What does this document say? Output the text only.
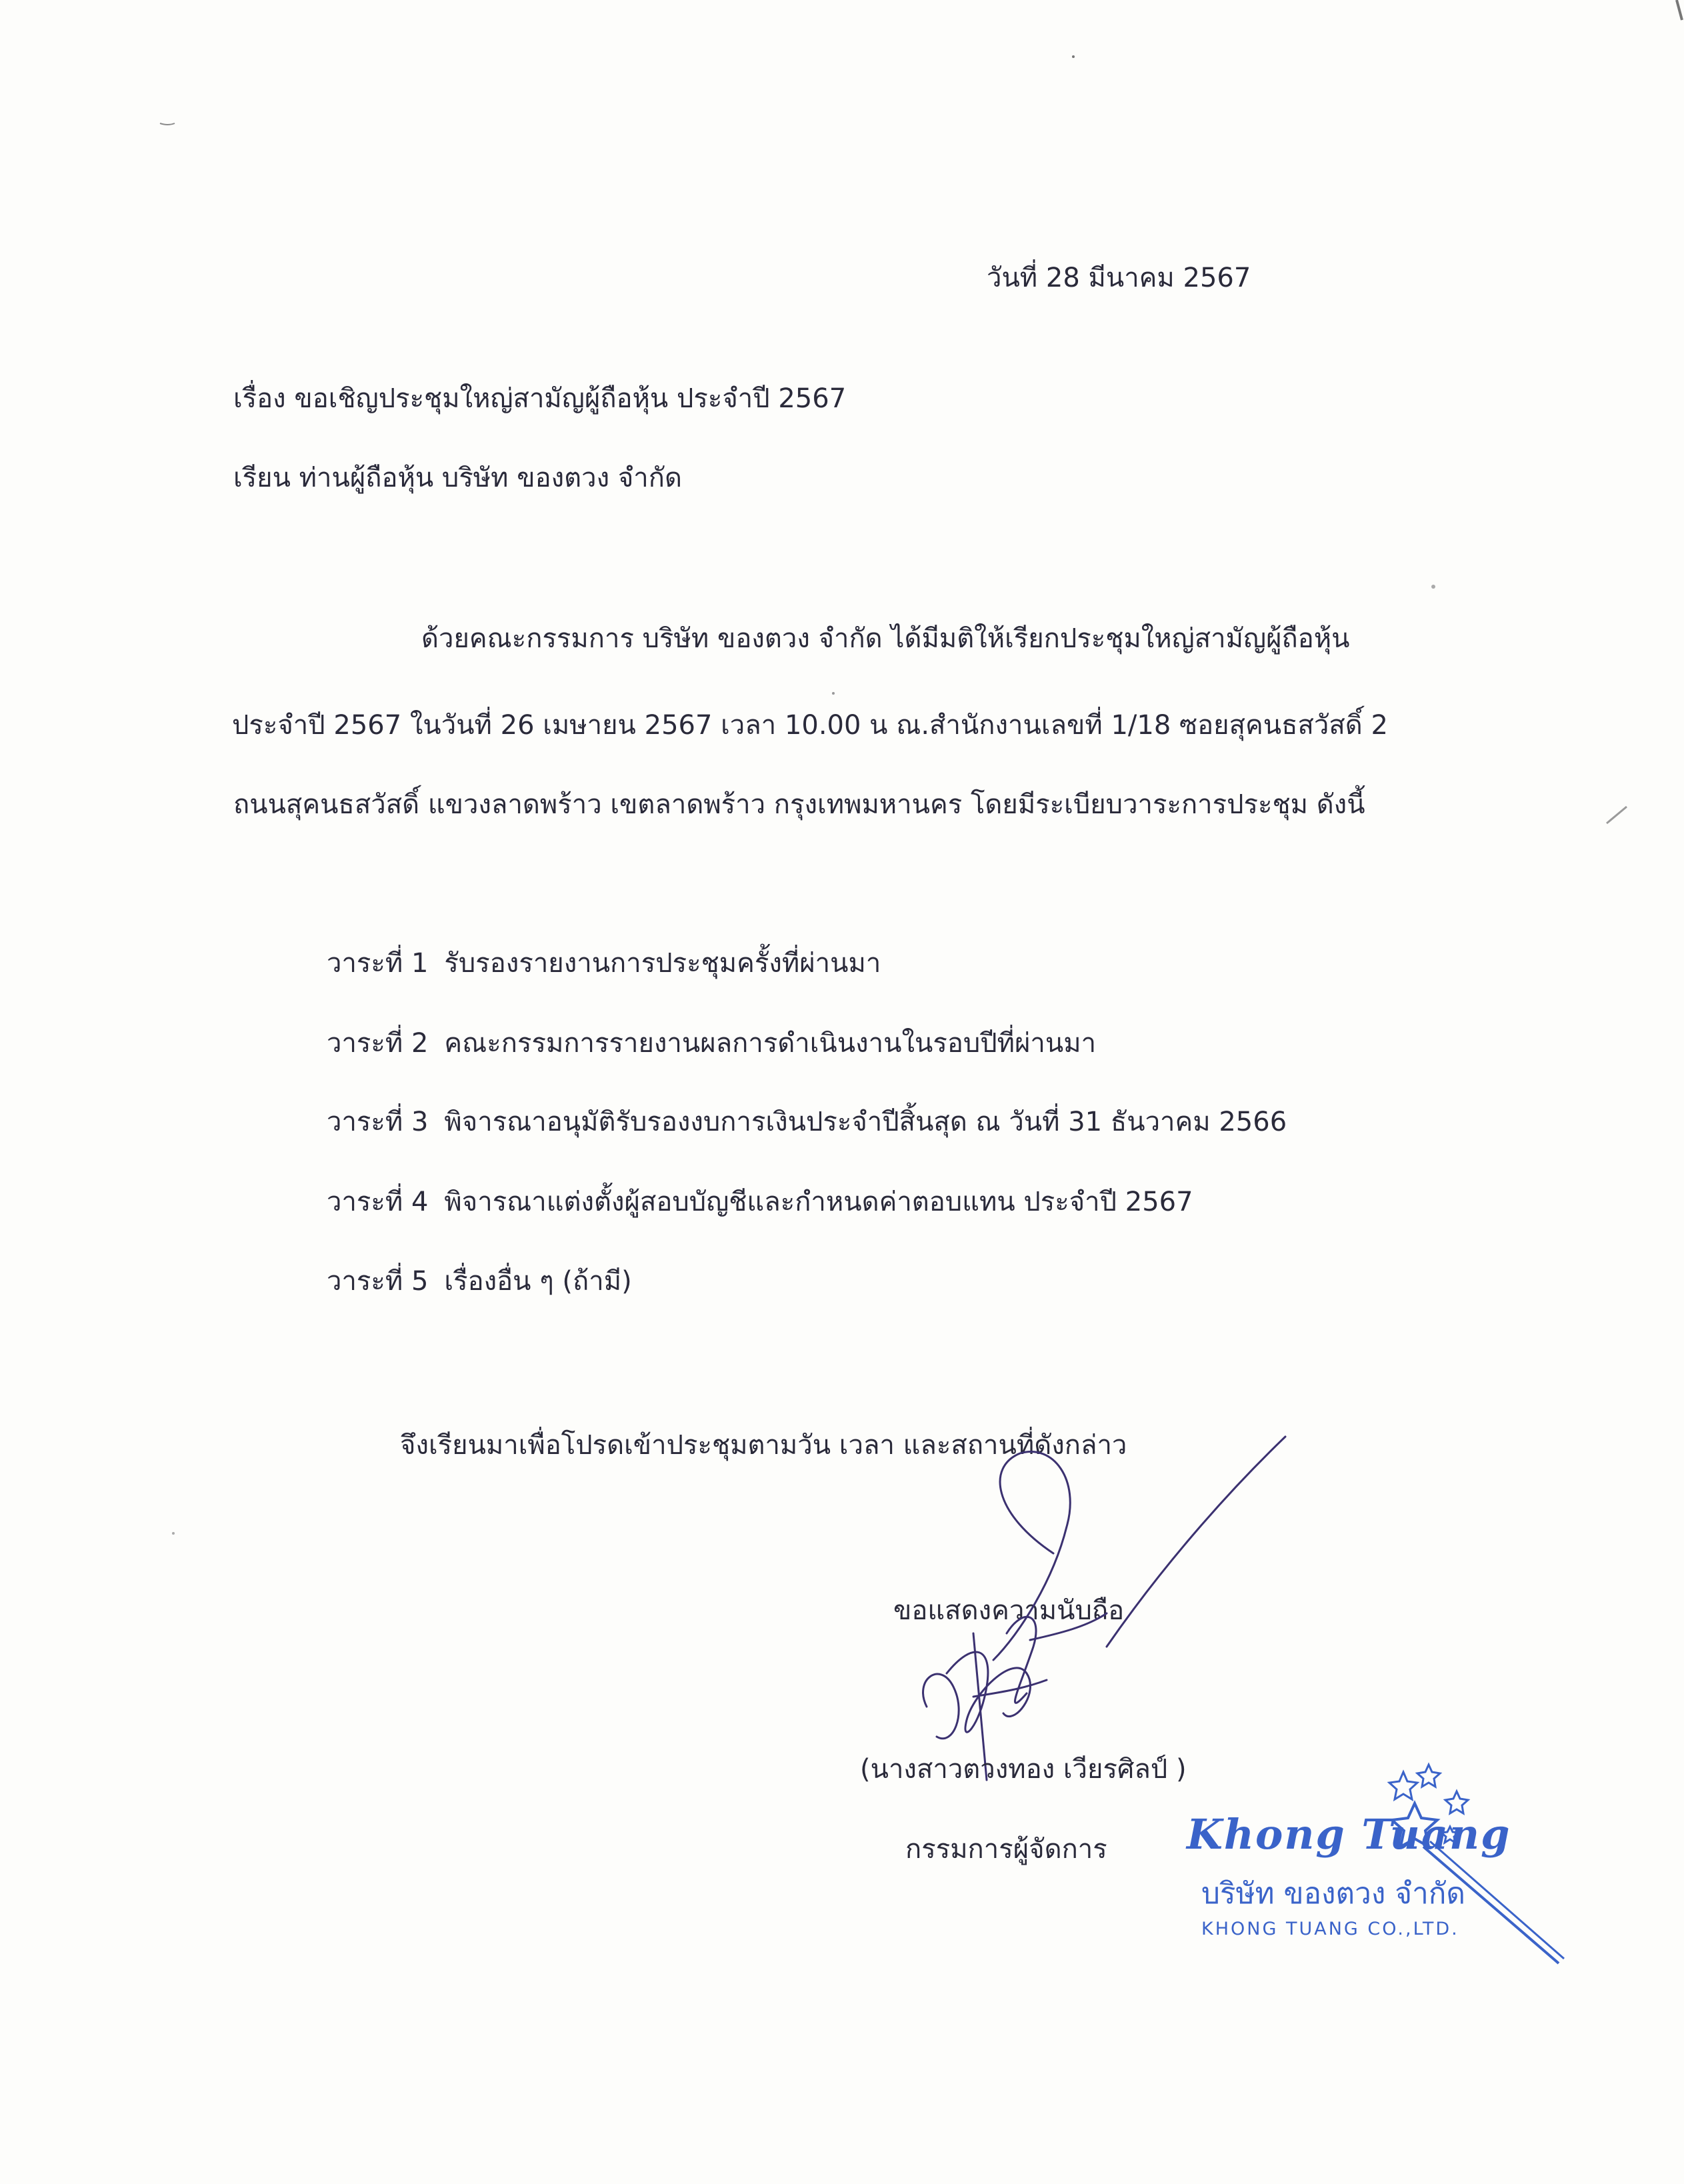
วันที่ 28 มีนาคม 2567
เรื่อง ขอเชิญประชุมใหญ่สามัญผู้ถือหุ้น ประจำปี 2567
เรียน ท่านผู้ถือหุ้น บริษัท ของตวง จำกัด
ด้วยคณะกรรมการ บริษัท ของตวง จำกัด ได้มีมติให้เรียกประชุมใหญ่สามัญผู้ถือหุ้น
ประจำปี 2567 ในวันที่ 26 เมษายน 2567 เวลา 10.00 น ณ.สำนักงานเลขที่ 1/18 ซอยสุคนธสวัสดิ์ 2
ถนนสุคนธสวัสดิ์ แขวงลาดพร้าว เขตลาดพร้าว กรุงเทพมหานคร โดยมีระเบียบวาระการประชุม ดังนี้
วาระที่ 1 รับรองรายงานการประชุมครั้งที่ผ่านมา
วาระที่ 2 คณะกรรมการรายงานผลการดำเนินงานในรอบปีที่ผ่านมา
วาระที่ 3 พิจารณาอนุมัติรับรองงบการเงินประจำปีสิ้นสุด ณ วันที่ 31 ธันวาคม 2566
วาระที่ 4 พิจารณาแต่งตั้งผู้สอบบัญชีและกำหนดค่าตอบแทน ประจำปี 2567
วาระที่ 5 เรื่องอื่น ๆ (ถ้ามี)
จึงเรียนมาเพื่อโปรดเข้าประชุมตามวัน เวลา และสถานที่ดังกล่าว
ขอแสดงความนับถือ
(นางสาวตวงทอง เวียรศิลป์ )
กรรมการผู้จัดการ Khong Tuang
บริษัท ของตวง จำกัด
KHONG TUANG CO.,LTD.
